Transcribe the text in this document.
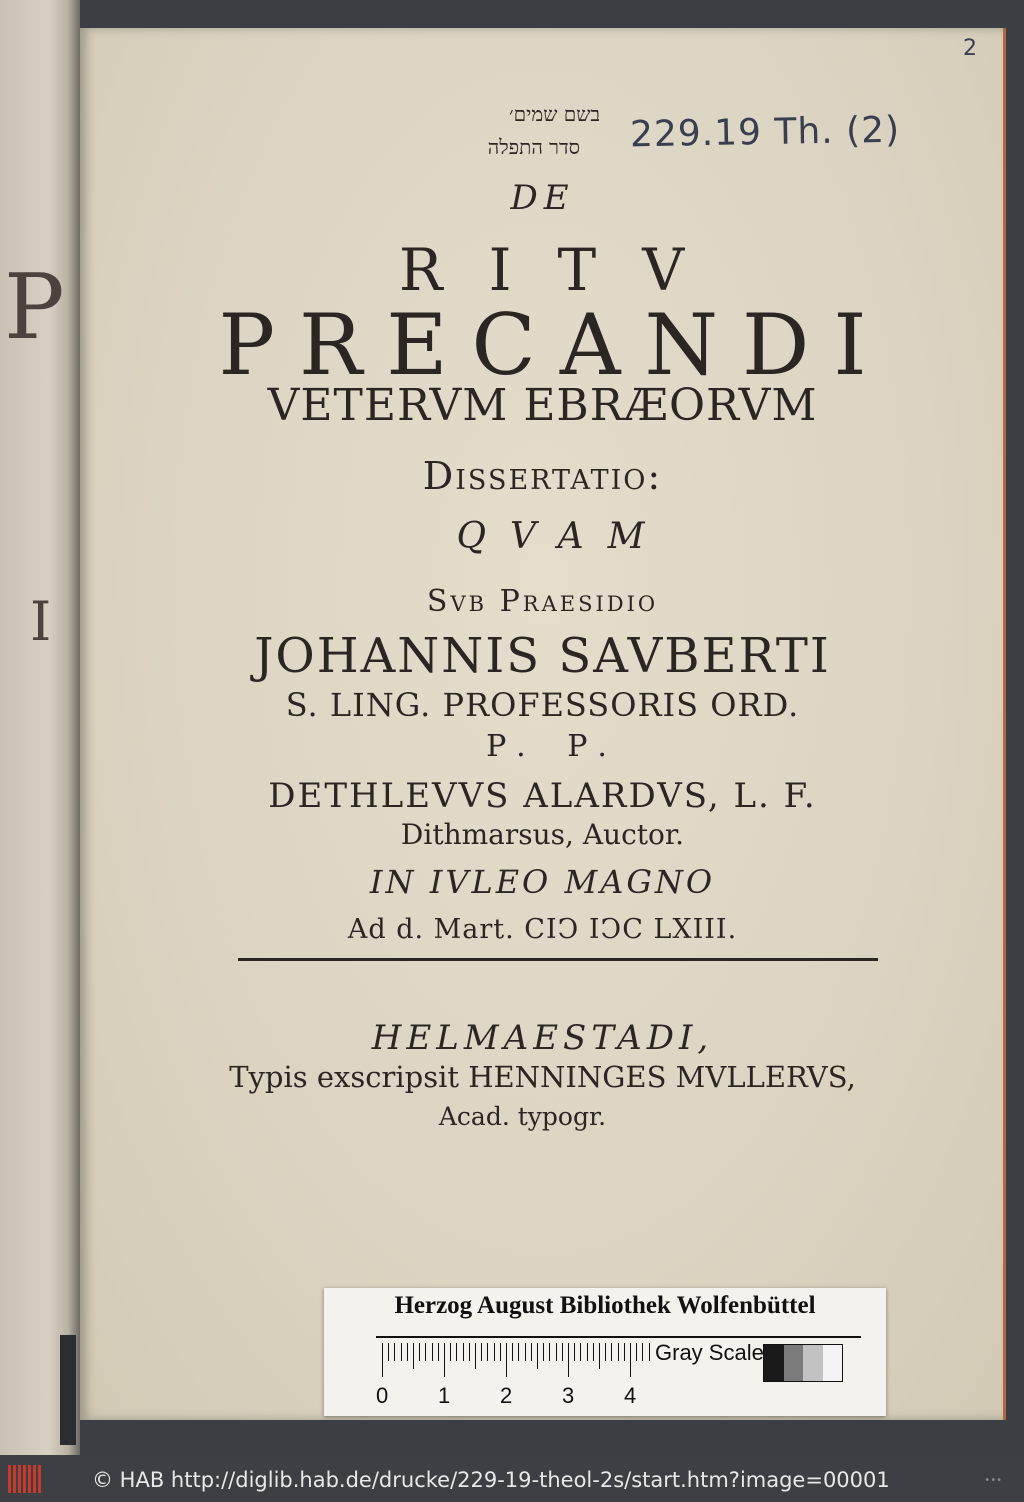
P
I
2
229.19 Th. (2)
בשם שמים׳
סדר התפלה
DE
RITV
PRECANDI
VETERVM EBRÆORVM
Dissertatio:
QVAM
Svb Praesidio
JOHANNIS SAVBERTI
S. LING. PROFESSORIS ORD.
P. P.
DETHLEVVS ALARDVS, L. F.
Dithmarsus, Auctor.
IN IVLEO MAGNO
Ad d. Mart. CIϽ IϽC LXIII.
HELMAESTADI,
Typis exscripsit HENNINGES MVLLERVS,
Acad. typogr.
Herzog August Bibliothek Wolfenbüttel
0 1 2 3 4
Gray Scale
© HAB http://diglib.hab.de/drucke/229-19-theol-2s/start.htm?image=00001	•••
